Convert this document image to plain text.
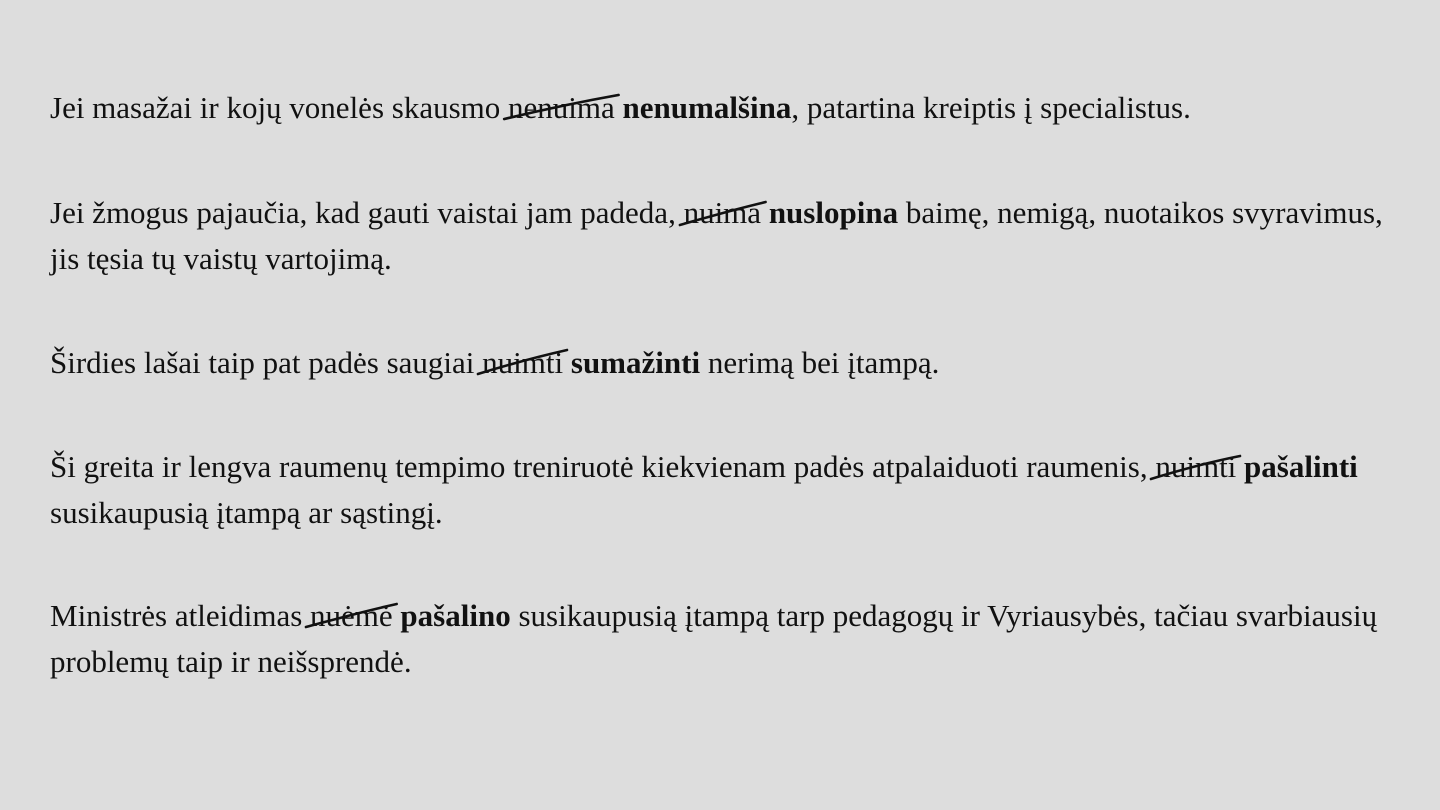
Jei masažai ir kojų vonelės skausmo nenuima nenumalšina, patartina kreiptis į specialistus.

Jei žmogus pajaučia, kad gauti vaistai jam padeda, nuima nuslopina baimę, nemigą, nuotaikos svyravimus, jis tęsia tų vaistų vartojimą.

Širdies lašai taip pat padės saugiai nuimti sumažinti nerimą bei įtampą.

Ši greita ir lengva raumenų tempimo treniruotė kiekvienam padės atpalaiduoti raumenis, nuimti pašalinti susikaupusią įtampą ar sąstingį.

Ministrės atleidimas nuėmė pašalino susikaupusią įtampą tarp pedagogų ir Vyriausybės, tačiau svarbiausių problemų taip ir neišsprendė.
